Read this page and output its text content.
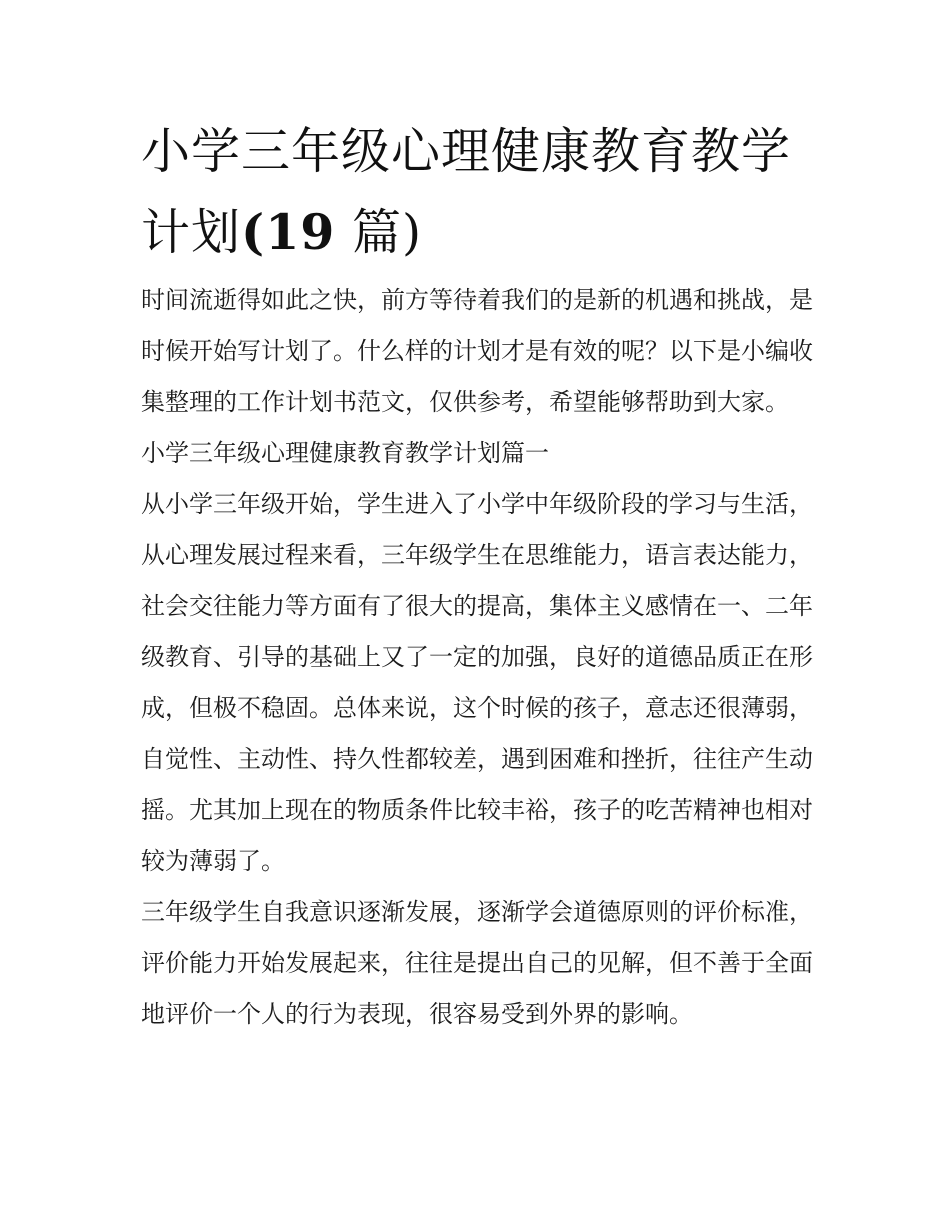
小学三年级心理健康教育教学计划(19 篇)

时间流逝得如此之快，前方等待着我们的是新的机遇和挑战，是时候开始写计划了。什么样的计划才是有效的呢？以下是小编收集整理的工作计划书范文，仅供参考，希望能够帮助到大家。

小学三年级心理健康教育教学计划篇一

从小学三年级开始，学生进入了小学中年级阶段的学习与生活，从心理发展过程来看，三年级学生在思维能力，语言表达能力，社会交往能力等方面有了很大的提高，集体主义感情在一、二年级教育、引导的基础上又了一定的加强，良好的道德品质正在形成，但极不稳固。总体来说，这个时候的孩子，意志还很薄弱，自觉性、主动性、持久性都较差，遇到困难和挫折，往往产生动摇。尤其加上现在的物质条件比较丰裕，孩子的吃苦精神也相对较为薄弱了。

三年级学生自我意识逐渐发展，逐渐学会道德原则的评价标准，评价能力开始发展起来，往往是提出自己的见解，但不善于全面地评价一个人的行为表现，很容易受到外界的影响。
